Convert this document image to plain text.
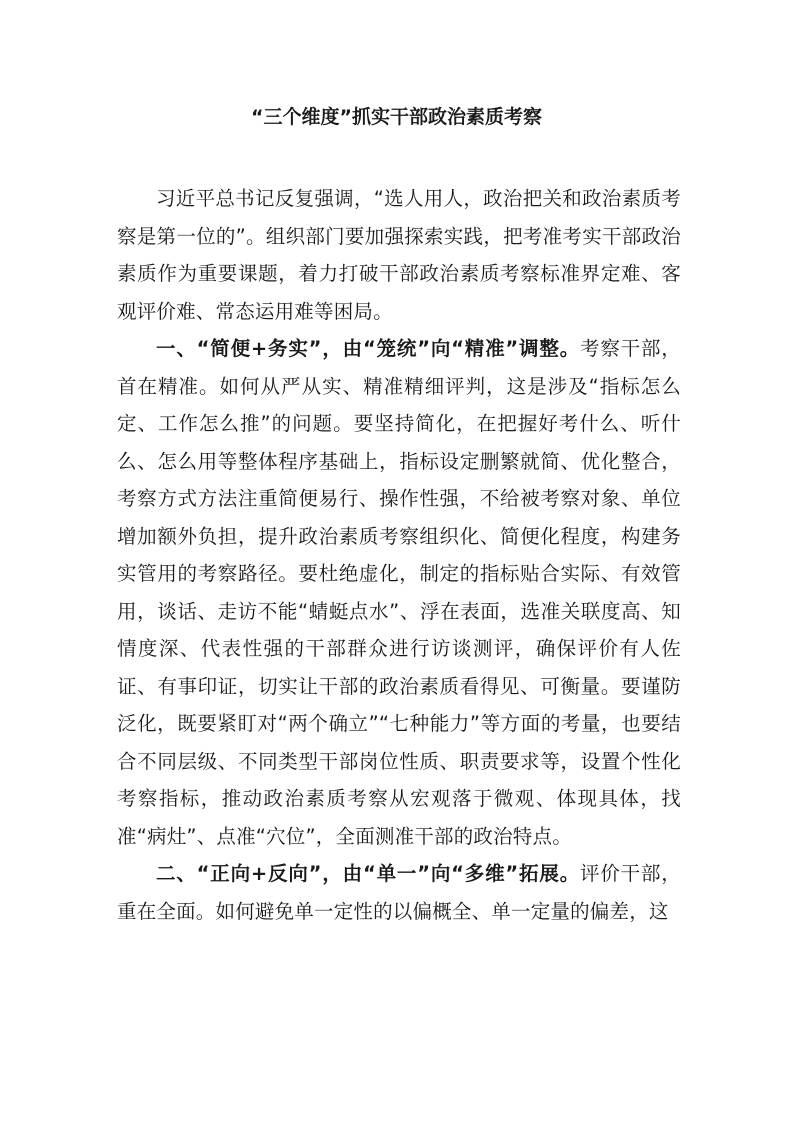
“三个维度”抓实干部政治素质考察

习近平总书记反复强调，“选人用人，政治把关和政治素质考察是第一位的”。组织部门要加强探索实践，把考准考实干部政治素质作为重要课题，着力打破干部政治素质考察标准界定难、客观评价难、常态运用难等困局。

一、“简便+务实”，由“笼统”向“精准”调整。考察干部，首在精准。如何从严从实、精准精细评判，这是涉及“指标怎么定、工作怎么推”的问题。要坚持简化，在把握好考什么、听什么、怎么用等整体程序基础上，指标设定删繁就简、优化整合，考察方式方法注重简便易行、操作性强，不给被考察对象、单位增加额外负担，提升政治素质考察组织化、简便化程度，构建务实管用的考察路径。要杜绝虚化，制定的指标贴合实际、有效管用，谈话、走访不能“蜻蜓点水”、浮在表面，选准关联度高、知情度深、代表性强的干部群众进行访谈测评，确保评价有人佐证、有事印证，切实让干部的政治素质看得见、可衡量。要谨防泛化，既要紧盯对“两个确立”“七种能力”等方面的考量，也要结合不同层级、不同类型干部岗位性质、职责要求等，设置个性化考察指标，推动政治素质考察从宏观落于微观、体现具体，找准“病灶”、点准“穴位”，全面测准干部的政治特点。

二、“正向+反向”，由“单一”向“多维”拓展。评价干部，重在全面。如何避免单一定性的以偏概全、单一定量的偏差，这
